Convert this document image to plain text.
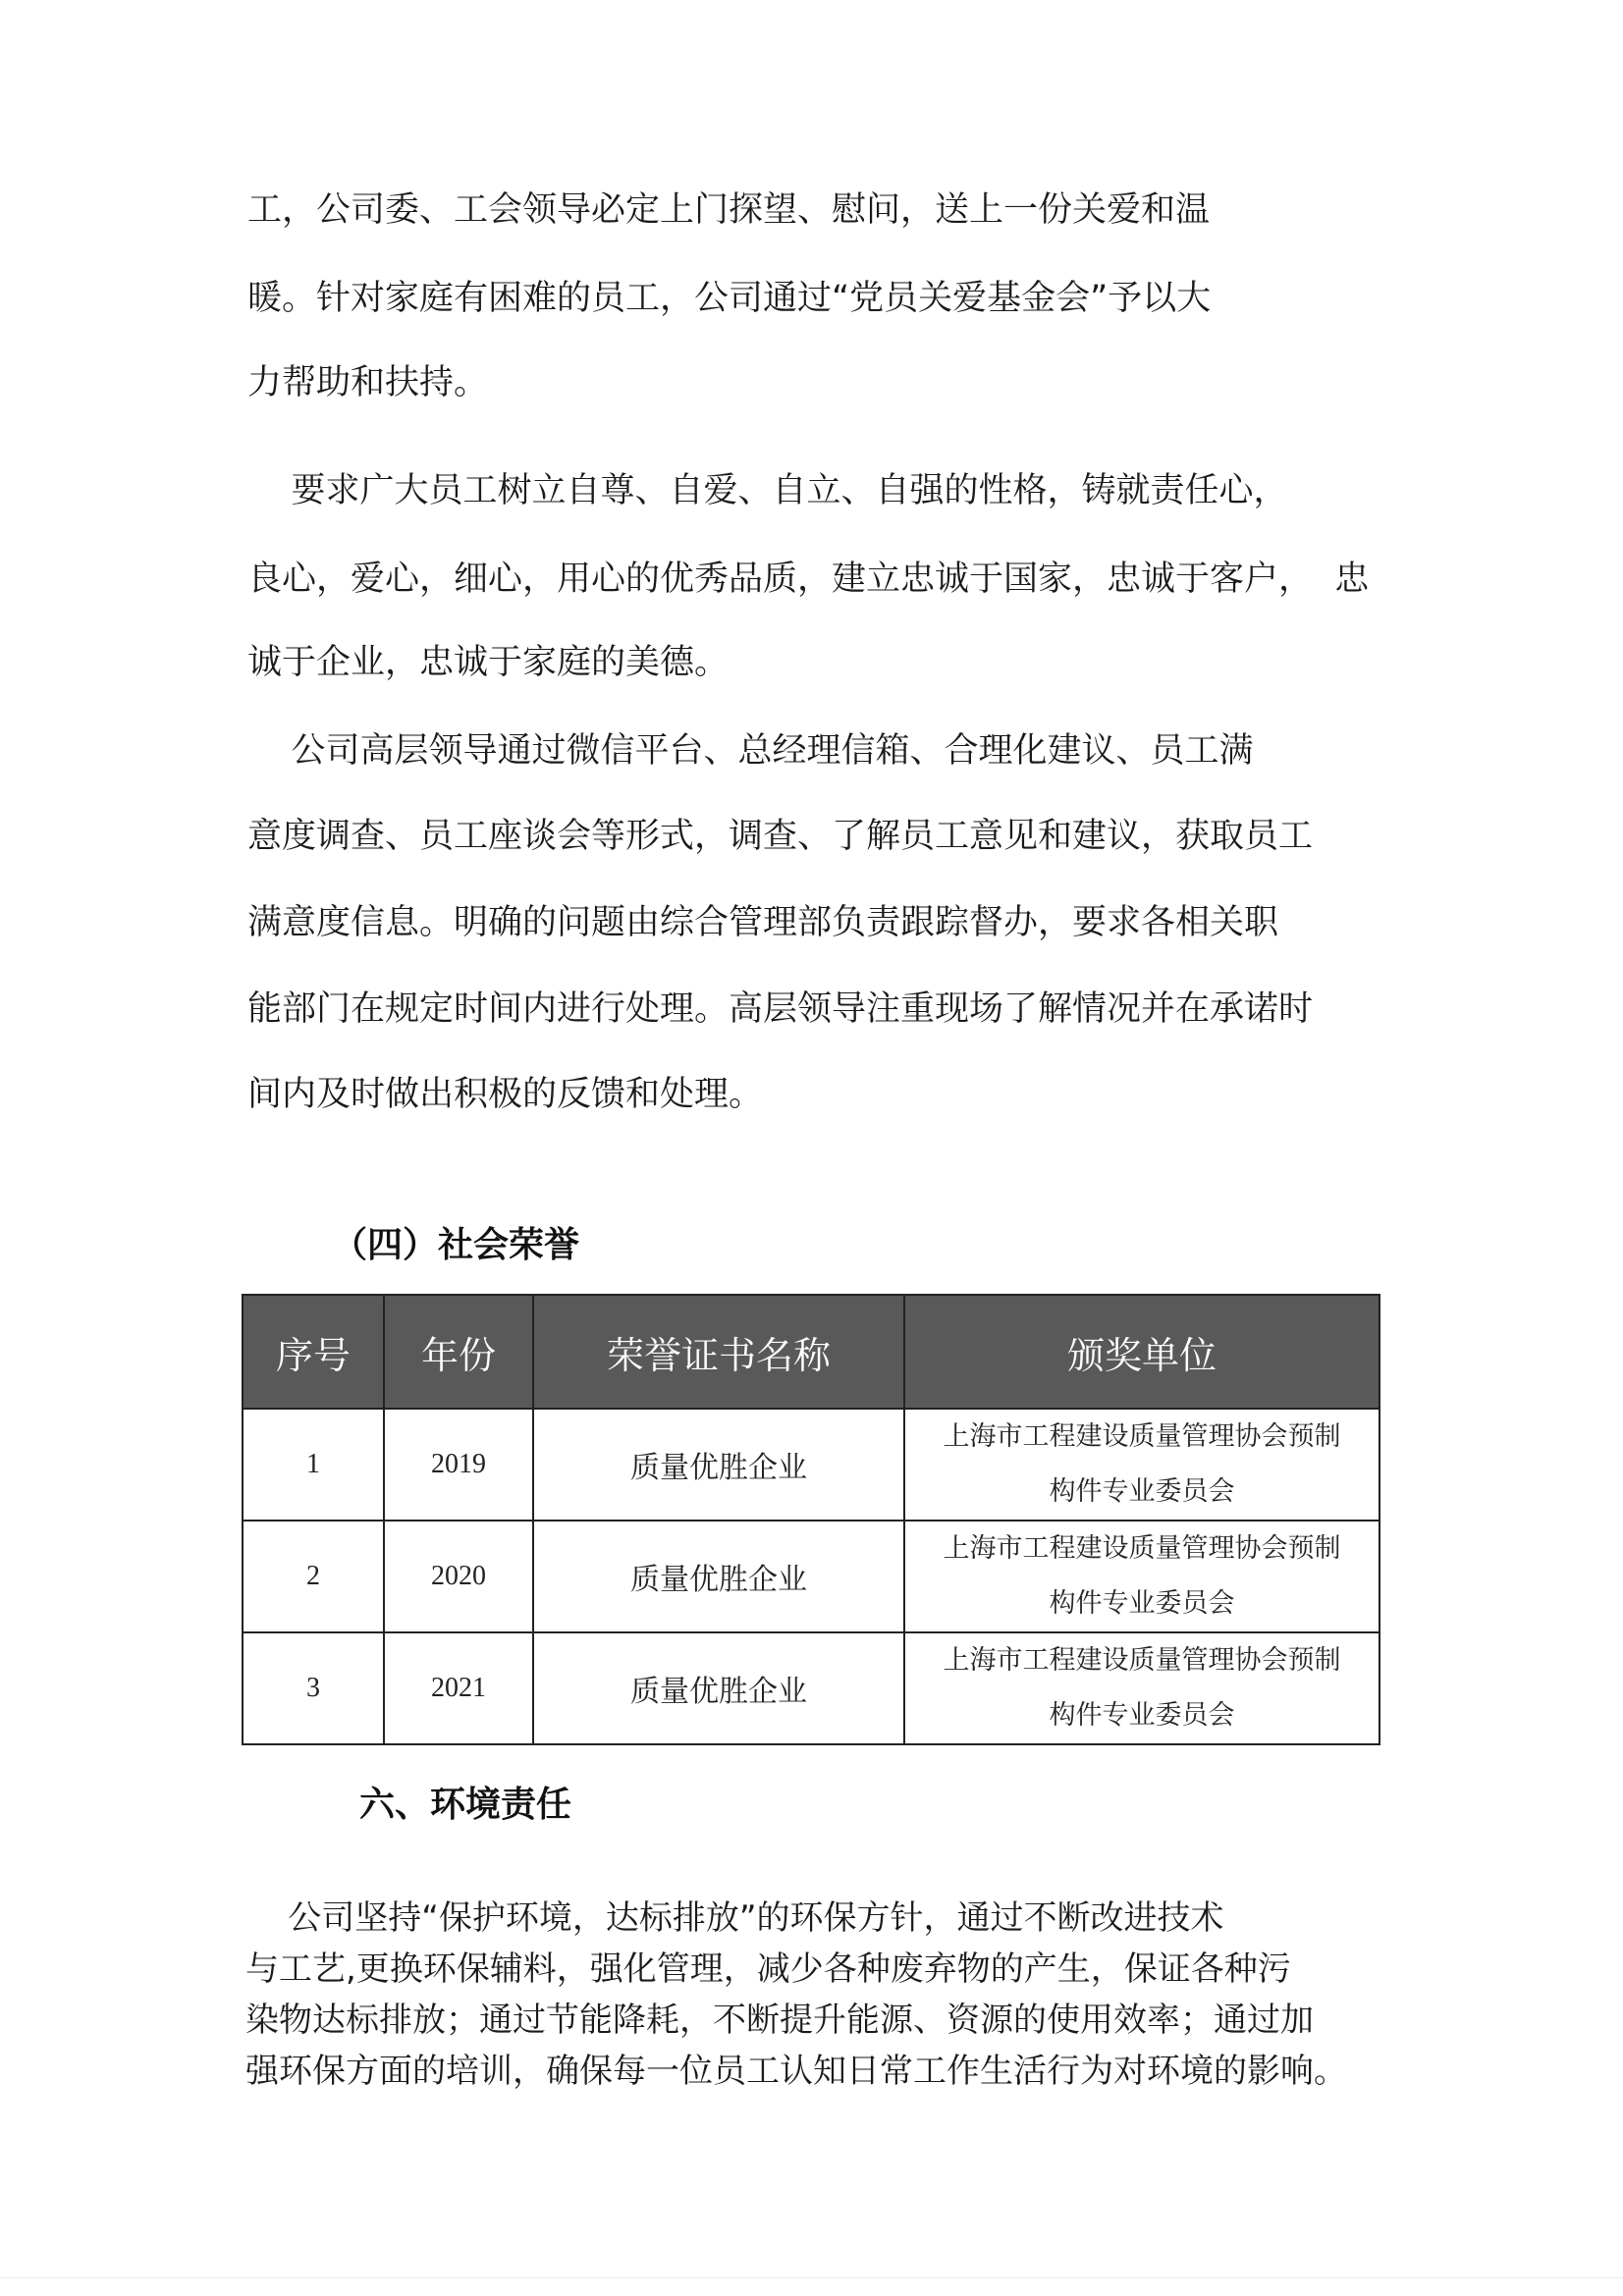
工，公司委、工会领导必定上门探望、慰问，送上一份关爱和温

暖。针对家庭有困难的员工，公司通过“党员关爱基金会”予以大

力帮助和扶持。

要求广大员工树立自尊、自爱、自立、自强的性格，铸就责任心，

良心，爱心，细心，用心的优秀品质，建立忠诚于国家，忠诚于客户，  忠

诚于企业，忠诚于家庭的美德。

公司高层领导通过微信平台、总经理信箱、合理化建议、员工满

意度调查、员工座谈会等形式，调查、了解员工意见和建议，获取员工

满意度信息。明确的问题由综合管理部负责跟踪督办，要求各相关职

能部门在规定时间内进行处理。高层领导注重现场了解情况并在承诺时

间内及时做出积极的反馈和处理。

（四）社会荣誉
序号	年份	荣誉证书名称	颁奖单位
1	2019	质量优胜企业	上海市工程建设质量管理协会预制
构件专业委员会
2	2020	质量优胜企业	上海市工程建设质量管理协会预制
构件专业委员会
3	2021	质量优胜企业	上海市工程建设质量管理协会预制
构件专业委员会
六、环境责任

公司坚持“保护环境，达标排放”的环保方针，通过不断改进技术

与工艺,更换环保辅料，强化管理，减少各种废弃物的产生，保证各种污

染物达标排放；通过节能降耗，不断提升能源、资源的使用效率；通过加

强环保方面的培训，确保每一位员工认知日常工作生活行为对环境的影响。
